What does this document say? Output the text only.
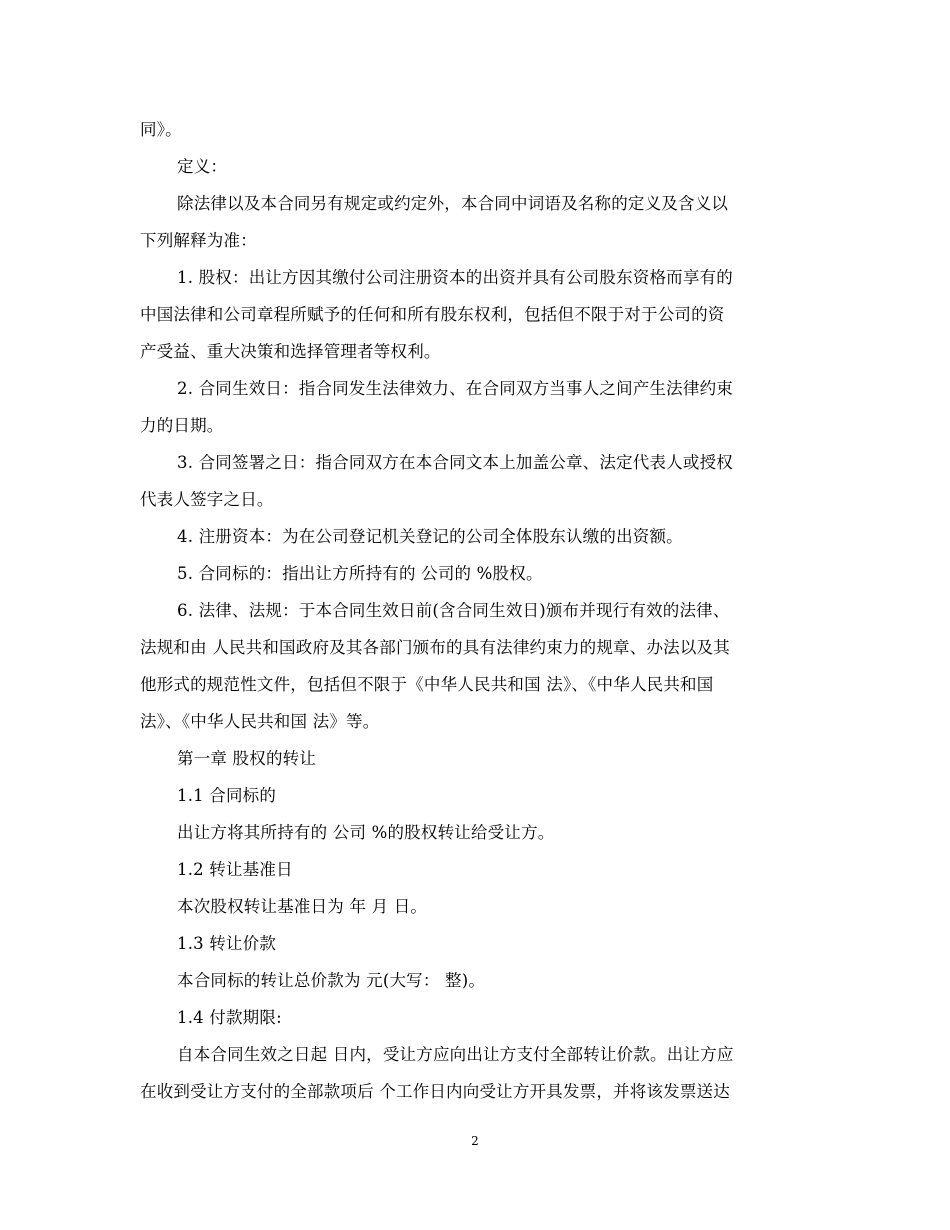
同》。
定义：
除法律以及本合同另有规定或约定外，本合同中词语及名称的定义及含义以
下列解释为准：
1. 股权：出让方因其缴付公司注册资本的出资并具有公司股东资格而享有的
中国法律和公司章程所赋予的任何和所有股东权利，包括但不限于对于公司的资
产受益、重大决策和选择管理者等权利。
2. 合同生效日：指合同发生法律效力、在合同双方当事人之间产生法律约束
力的日期。
3. 合同签署之日：指合同双方在本合同文本上加盖公章、法定代表人或授权
代表人签字之日。
4. 注册资本：为在公司登记机关登记的公司全体股东认缴的出资额。
5. 合同标的：指出让方所持有的 公司的 %股权。
6. 法律、法规：于本合同生效日前(含合同生效日)颁布并现行有效的法律、
法规和由 人民共和国政府及其各部门颁布的具有法律约束力的规章、办法以及其
他形式的规范性文件，包括但不限于《中华人民共和国 法》、《中华人民共和国
法》、《中华人民共和国 法》等。
第一章 股权的转让
1.1 合同标的
出让方将其所持有的 公司 %的股权转让给受让方。
1.2 转让基准日
本次股权转让基准日为 年 月 日。
1.3 转让价款
本合同标的转让总价款为 元(大写： 整)。
1.4 付款期限:
自本合同生效之日起 日内，受让方应向出让方支付全部转让价款。出让方应
在收到受让方支付的全部款项后 个工作日内向受让方开具发票，并将该发票送达
2
